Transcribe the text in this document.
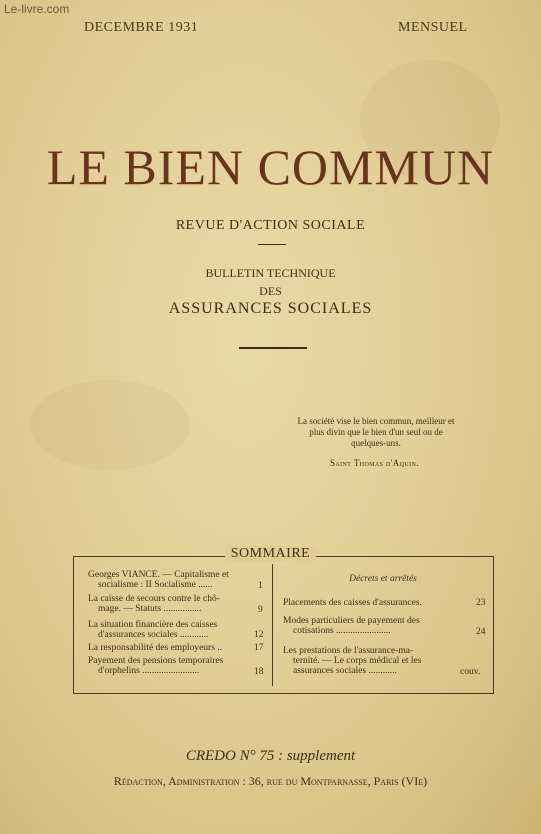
Le-livre.com
DECEMBRE 1931	MENSUEL
LE BIEN COMMUN
REVUE D'ACTION SOCIALE
BULLETIN TECHNIQUE
DES
ASSURANCES SOCIALES
La société vise le bien commun, meilleur et plus divin que le bien d'un seul ou de quelques-uns.
Saint Thomas d'Aquin.
SOMMAIRE
Georges VIANCE. — Capitalisme et
socialisme : II Socialisme ......	1
La caisse de secours contre le chô-
mage. — Statuts ................	9
La situation financière des caisses
d'assurances sociales ............	12
La responsabilité des employeurs ..	17
Payement des pensions temporaires
d'orphelins ........................	18
Décrets et arrêtés
Placements des caisses d'assurances.	23
Modes particuliers de payement des
cotisations .......................	24
Les prestations de l'assurance-ma-
ternité. — Le corps médical et les
assurances sociales ............	couv.
CREDO N° 75 : supplement
Rédaction, Administration : 36, rue du Montparnasse, Paris (VIe)
